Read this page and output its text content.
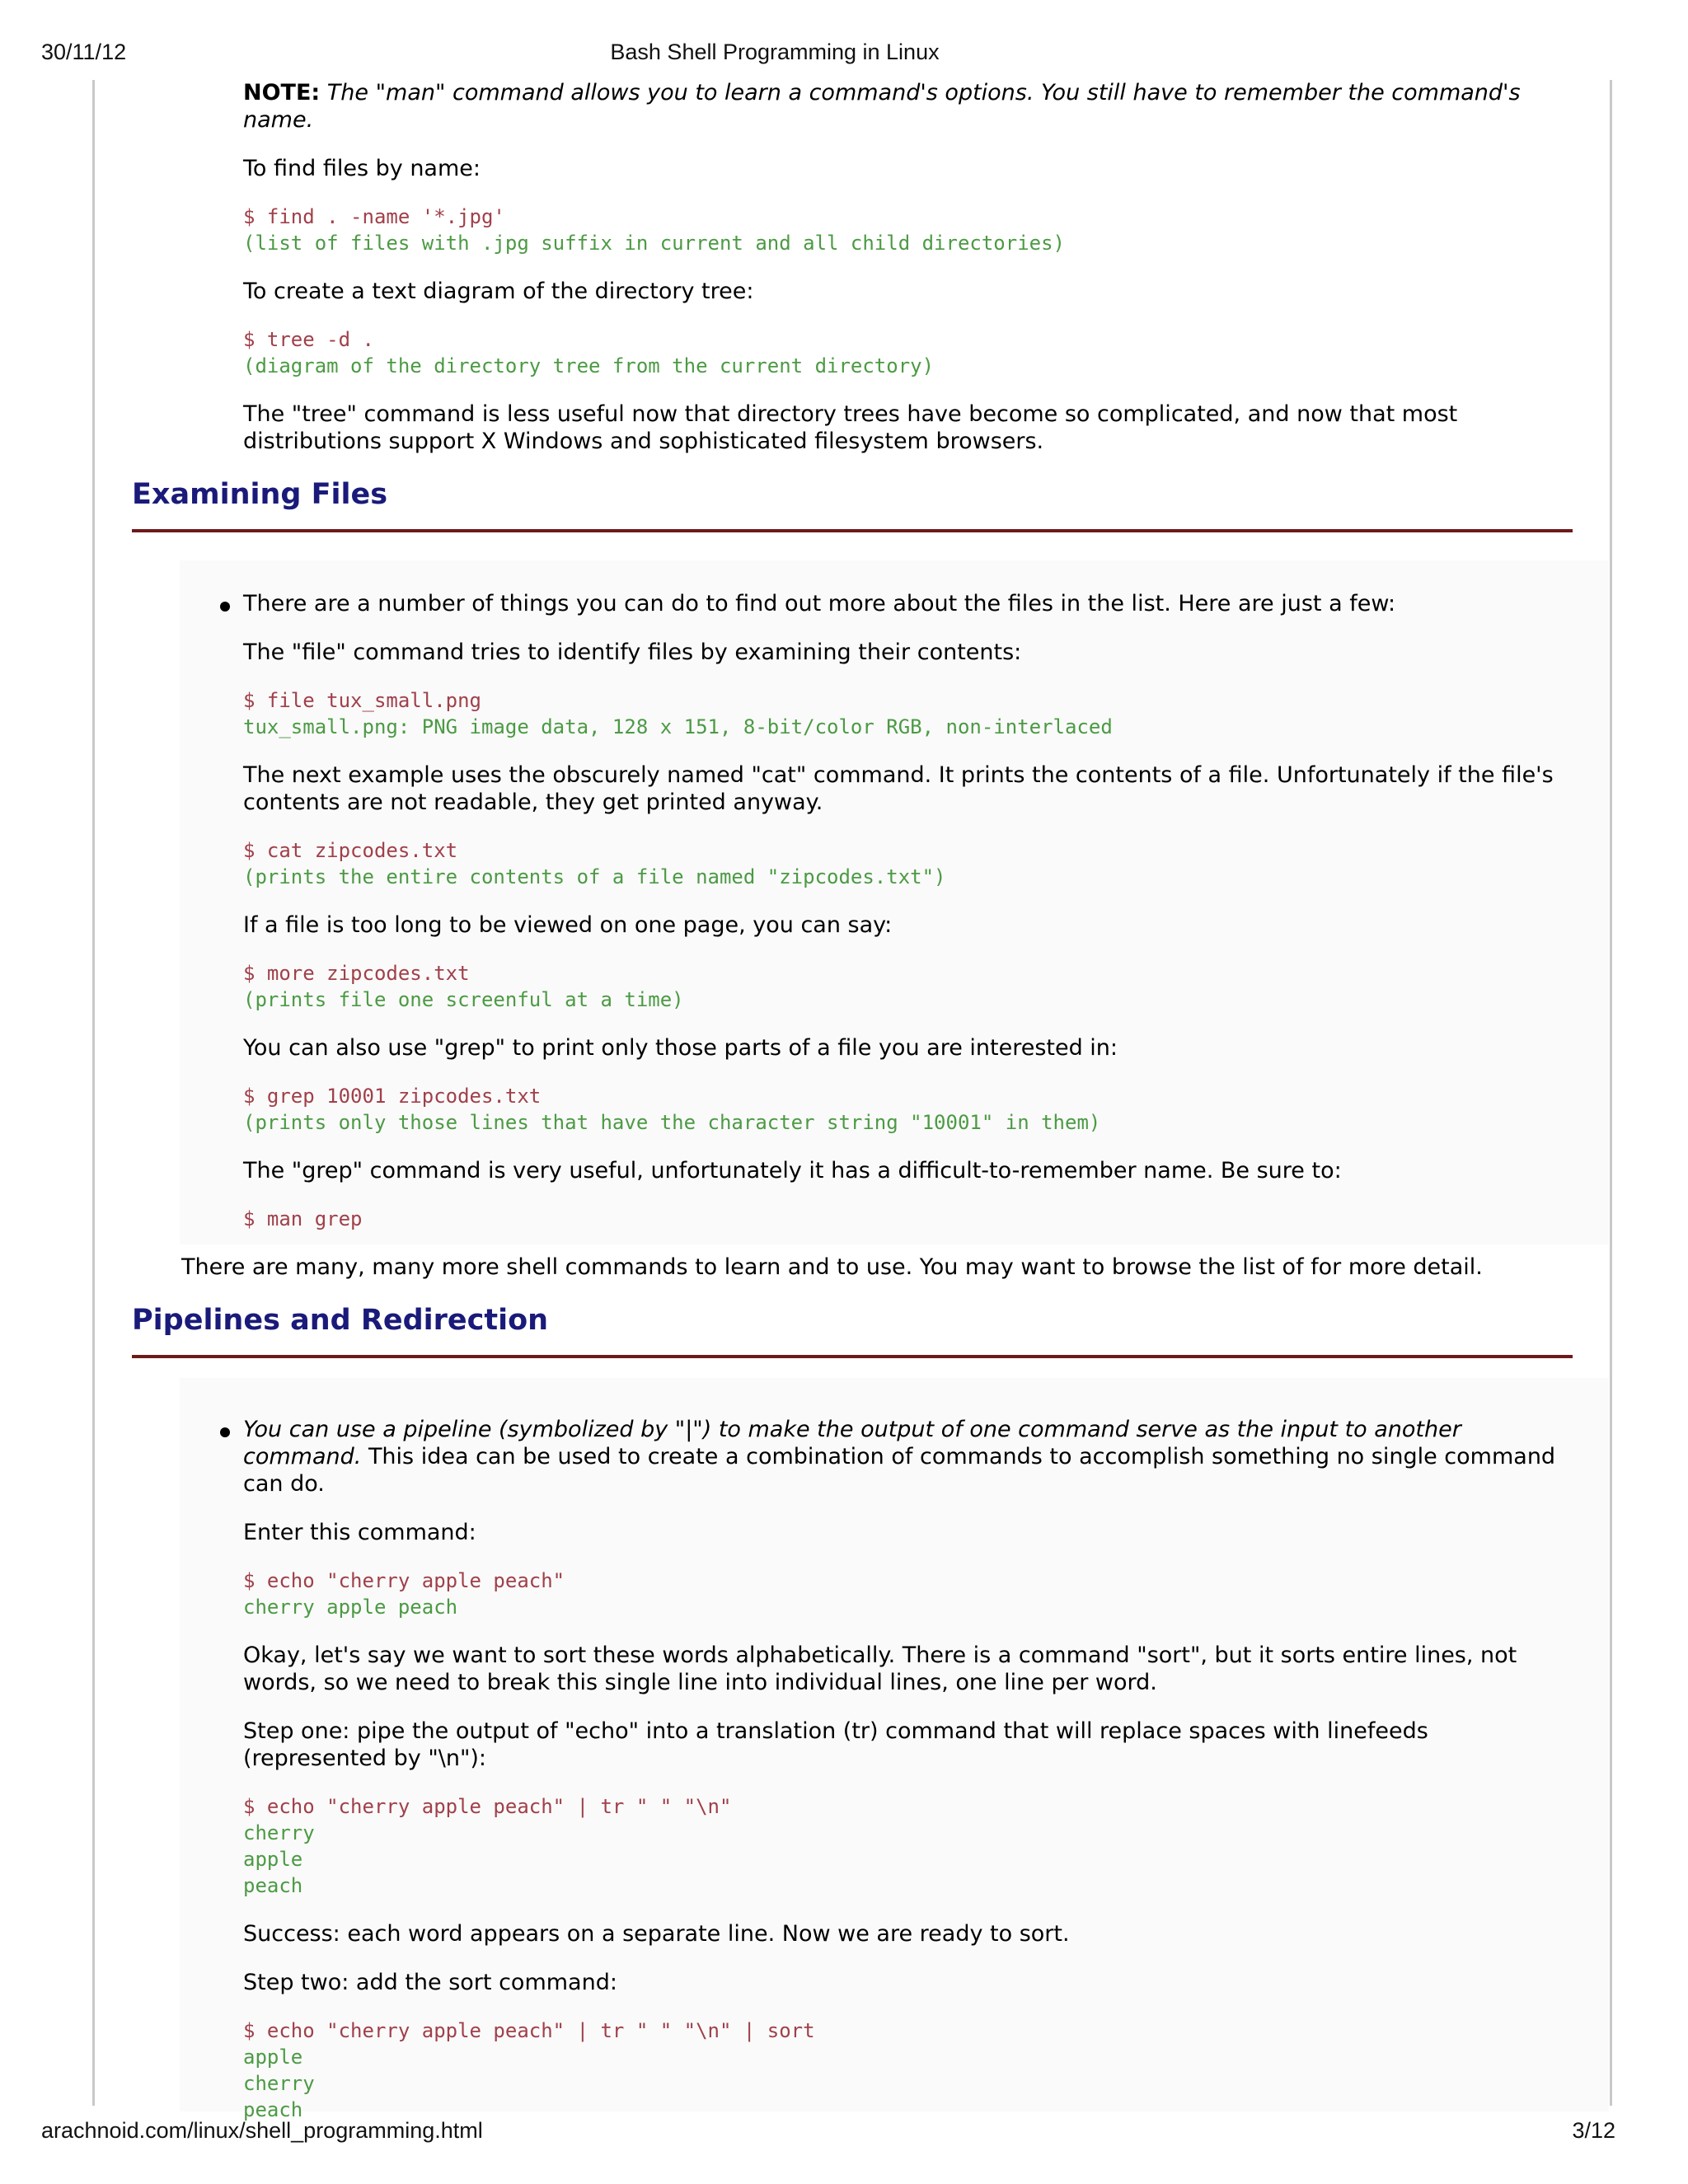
30/11/12	Bash Shell Programming in Linux

NOTE: The "man" command allows you to learn a command's options. You still have to remember the command's name.

To find files by name:

$ find . -name '*.jpg'
(list of files with .jpg suffix in current and all child directories)

To create a text diagram of the directory tree:

$ tree -d .
(diagram of the directory tree from the current directory)

The "tree" command is less useful now that directory trees have become so complicated, and now that most distributions support X Windows and sophisticated filesystem browsers.

Examining Files

There are a number of things you can do to find out more about the files in the list. Here are just a few:

The "file" command tries to identify files by examining their contents:

$ file tux_small.png
tux_small.png: PNG image data, 128 x 151, 8-bit/color RGB, non-interlaced

The next example uses the obscurely named "cat" command. It prints the contents of a file. Unfortunately if the file's contents are not readable, they get printed anyway.

$ cat zipcodes.txt
(prints the entire contents of a file named "zipcodes.txt")

If a file is too long to be viewed on one page, you can say:

$ more zipcodes.txt
(prints file one screenful at a time)

You can also use "grep" to print only those parts of a file you are interested in:

$ grep 10001 zipcodes.txt
(prints only those lines that have the character string "10001" in them)

The "grep" command is very useful, unfortunately it has a difficult-to-remember name. Be sure to:

$ man grep
There are many, many more shell commands to learn and to use. You may want to browse the list of for more detail.
Pipelines and Redirection

You can use a pipeline (symbolized by "|") to make the output of one command serve as the input to another command. This idea can be used to create a combination of commands to accomplish something no single command can do.

Enter this command:

$ echo "cherry apple peach"
cherry apple peach

Okay, let's say we want to sort these words alphabetically. There is a command "sort", but it sorts entire lines, not words, so we need to break this single line into individual lines, one line per word.

Step one: pipe the output of "echo" into a translation (tr) command that will replace spaces with linefeeds (represented by "\n"):

$ echo "cherry apple peach" | tr " " "\n"
cherry
apple
peach

Success: each word appears on a separate line. Now we are ready to sort.

Step two: add the sort command:

$ echo "cherry apple peach" | tr " " "\n" | sort
apple
cherry
peach
arachnoid.com/linux/shell_programming.html	3/12
